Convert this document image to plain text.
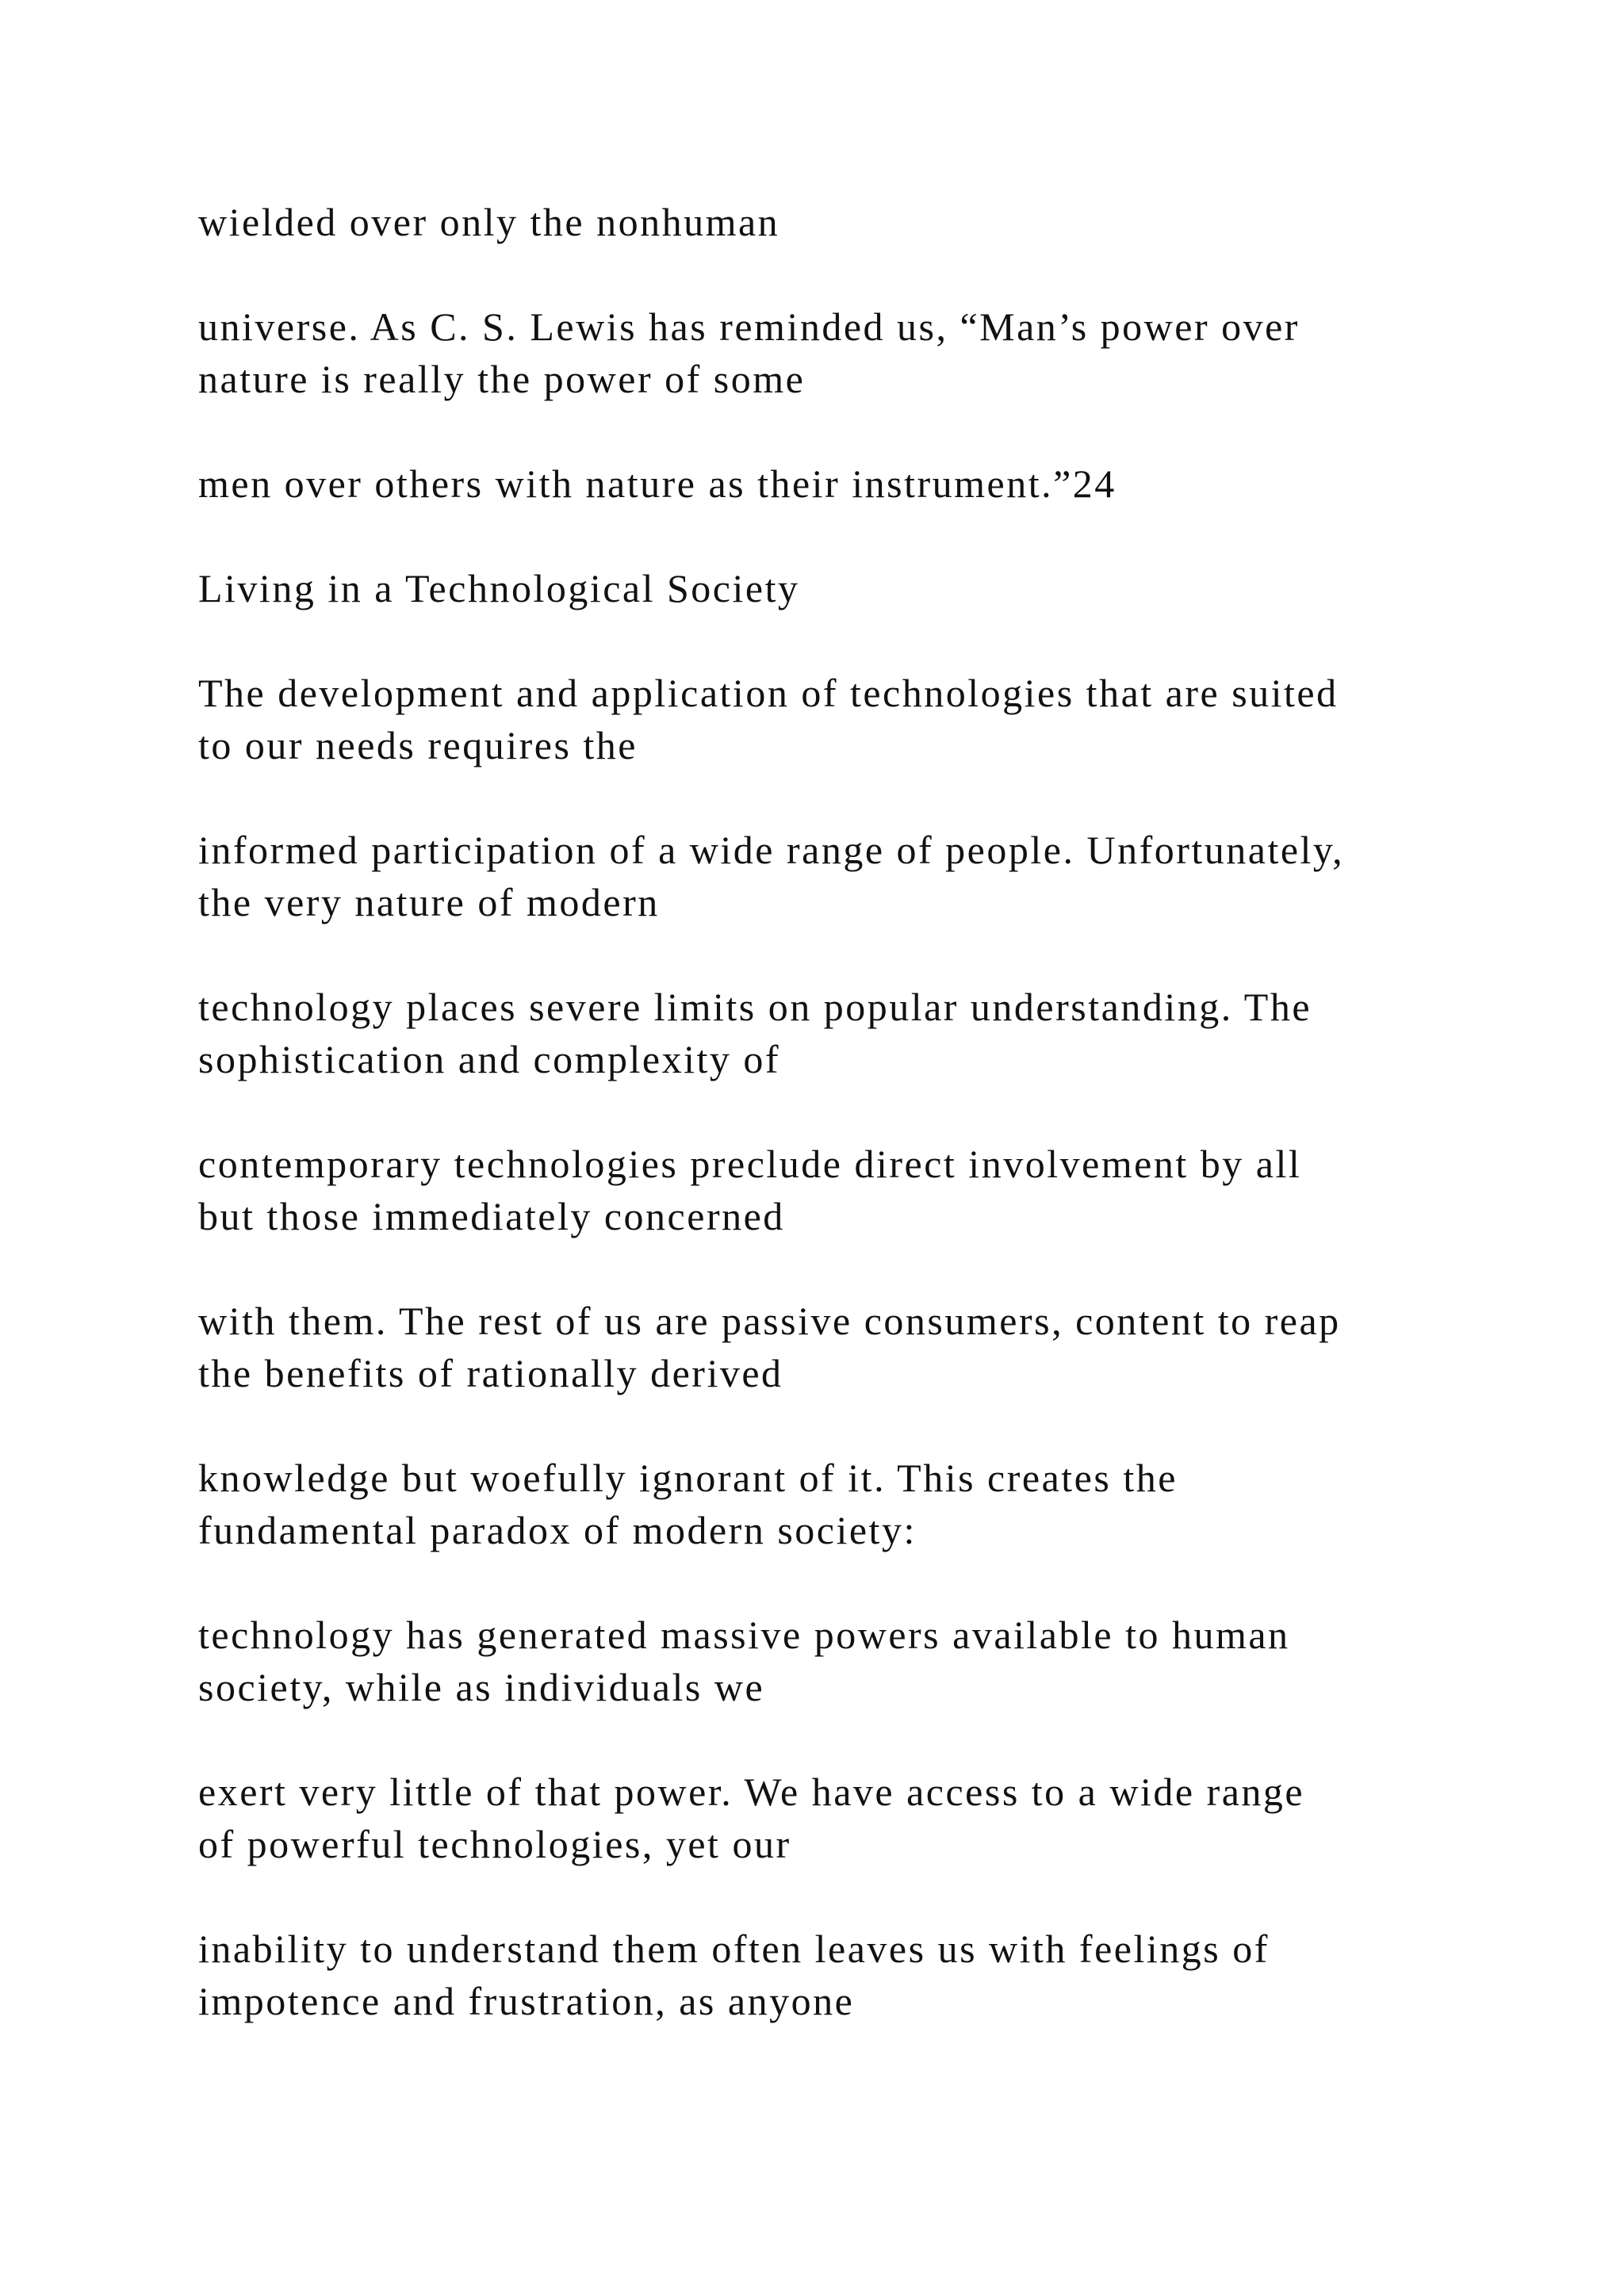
wielded over only the nonhuman

universe. As C. S. Lewis has reminded us, “Man’s power over

nature is really the power of some

men over others with nature as their instrument.”24

Living in a Technological Society

The development and application of technologies that are suited

to our needs requires the

informed participation of a wide range of people. Unfortunately,

the very nature of modern

technology places severe limits on popular understanding. The

sophistication and complexity of

contemporary technologies preclude direct involvement by all

but those immediately concerned

with them. The rest of us are passive consumers, content to reap

the benefits of rationally derived

knowledge but woefully ignorant of it. This creates the

fundamental paradox of modern society:

technology has generated massive powers available to human

society, while as individuals we

exert very little of that power. We have access to a wide range

of powerful technologies, yet our

inability to understand them often leaves us with feelings of

impotence and frustration, as anyone
